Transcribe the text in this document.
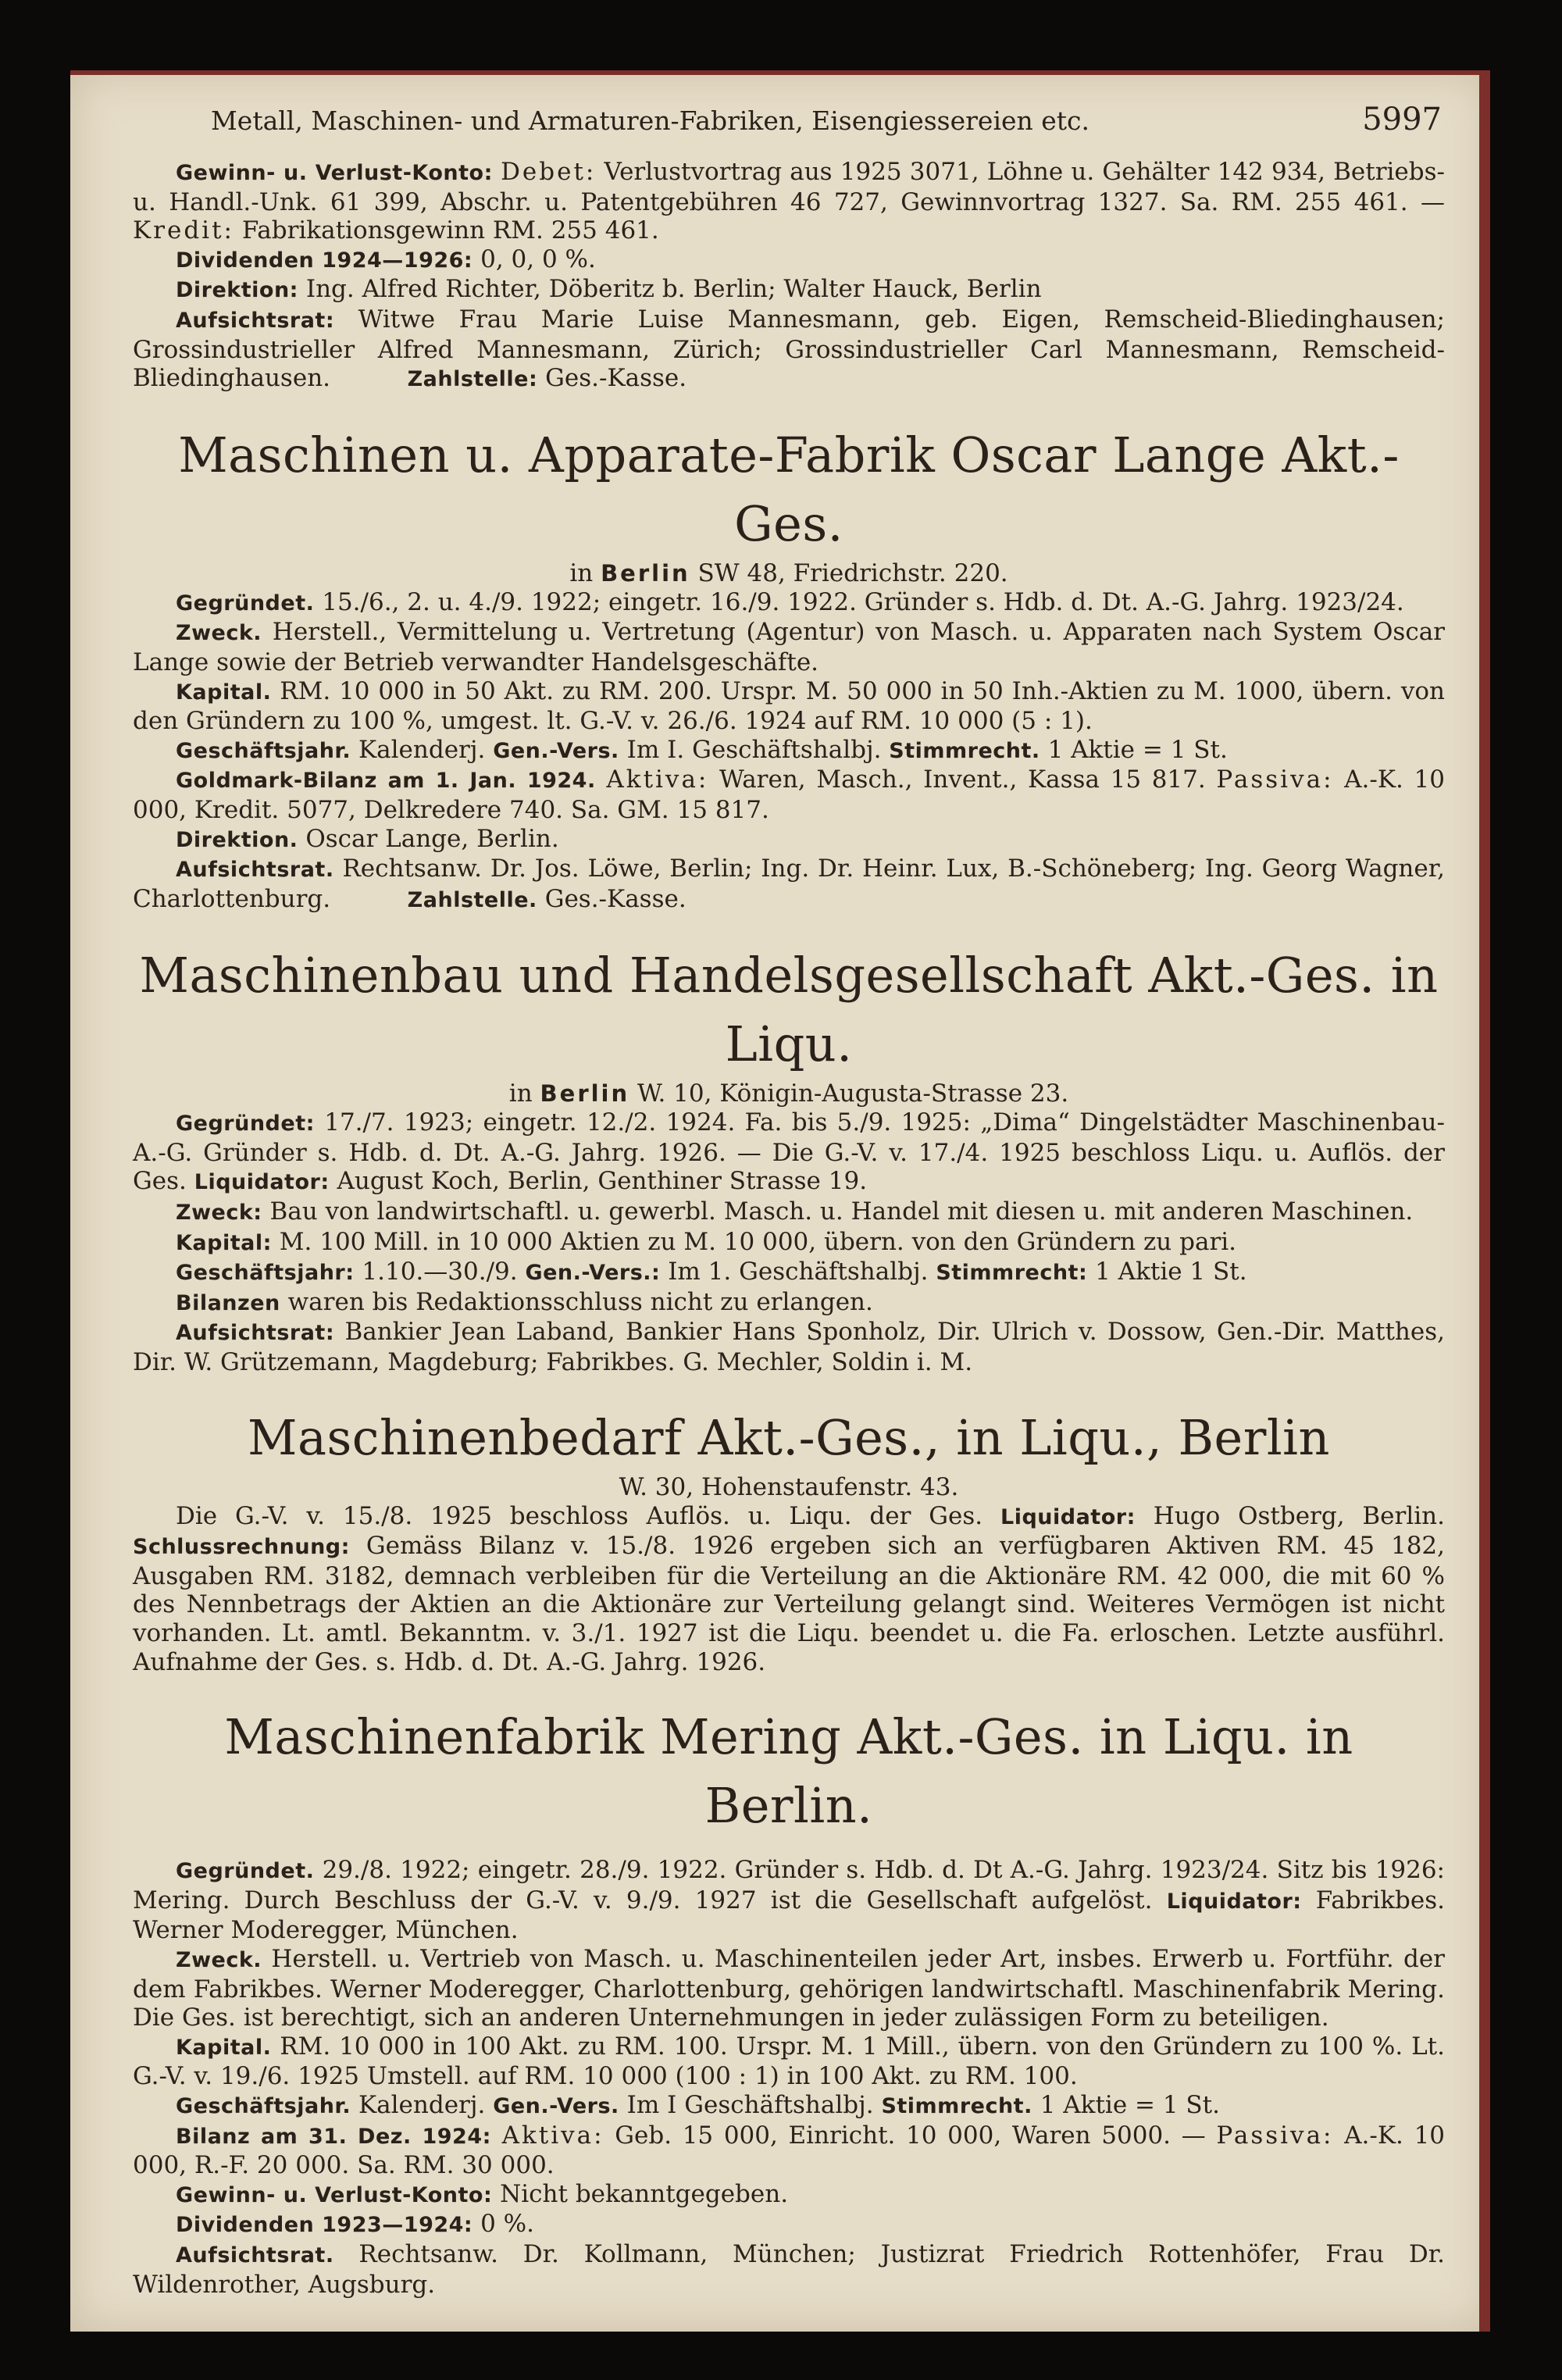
Metall, Maschinen- und Armaturen-Fabriken, Eisengiessereien etc.	5997

Gewinn- u. Verlust-Konto: Debet: Verlustvortrag aus 1925 3071, Löhne u. Gehälter 142 934, Betriebs- u. Handl.-Unk. 61 399, Abschr. u. Patentgebühren 46 727, Gewinnvortrag 1327. Sa. RM. 255 461. — Kredit: Fabrikationsgewinn RM. 255 461.

Dividenden 1924—1926: 0, 0, 0 %.

Direktion: Ing. Alfred Richter, Döberitz b. Berlin; Walter Hauck, Berlin

Aufsichtsrat: Witwe Frau Marie Luise Mannesmann, geb. Eigen, Remscheid-Bliedinghausen; Grossindustrieller Alfred Mannesmann, Zürich; Grossindustrieller Carl Mannesmann, Remscheid-Bliedinghausen.	Zahlstelle: Ges.-Kasse.

Maschinen u. Apparate-Fabrik Oscar Lange Akt.-Ges.
in Berlin SW 48, Friedrichstr. 220.

Gegründet. 15./6., 2. u. 4./9. 1922; eingetr. 16./9. 1922. Gründer s. Hdb. d. Dt. A.-G. Jahrg. 1923/24.

Zweck. Herstell., Vermittelung u. Vertretung (Agentur) von Masch. u. Apparaten nach System Oscar Lange sowie der Betrieb verwandter Handelsgeschäfte.

Kapital. RM. 10 000 in 50 Akt. zu RM. 200. Urspr. M. 50 000 in 50 Inh.-Aktien zu M. 1000, übern. von den Gründern zu 100 %, umgest. lt. G.-V. v. 26./6. 1924 auf RM. 10 000 (5 : 1).

Geschäftsjahr. Kalenderj. Gen.-Vers. Im I. Geschäftshalbj. Stimmrecht. 1 Aktie = 1 St.

Goldmark-Bilanz am 1. Jan. 1924. Aktiva: Waren, Masch., Invent., Kassa 15 817. Passiva: A.-K. 10 000, Kredit. 5077, Delkredere 740. Sa. GM. 15 817.

Direktion. Oscar Lange, Berlin.

Aufsichtsrat. Rechtsanw. Dr. Jos. Löwe, Berlin; Ing. Dr. Heinr. Lux, B.-Schöneberg; Ing. Georg Wagner, Charlottenburg.	Zahlstelle. Ges.-Kasse.

Maschinenbau und Handelsgesellschaft Akt.-Ges. in Liqu.
in Berlin W. 10, Königin-Augusta-Strasse 23.

Gegründet: 17./7. 1923; eingetr. 12./2. 1924. Fa. bis 5./9. 1925: „Dima“ Dingelstädter Maschinenbau-A.-G. Gründer s. Hdb. d. Dt. A.-G. Jahrg. 1926. — Die G.-V. v. 17./4. 1925 beschloss Liqu. u. Auflös. der Ges. Liquidator: August Koch, Berlin, Genthiner Strasse 19.

Zweck: Bau von landwirtschaftl. u. gewerbl. Masch. u. Handel mit diesen u. mit anderen Maschinen.

Kapital: M. 100 Mill. in 10 000 Aktien zu M. 10 000, übern. von den Gründern zu pari.

Geschäftsjahr: 1.10.—30./9. Gen.-Vers.: Im 1. Geschäftshalbj. Stimmrecht: 1 Aktie 1 St.

Bilanzen waren bis Redaktionsschluss nicht zu erlangen.

Aufsichtsrat: Bankier Jean Laband, Bankier Hans Sponholz, Dir. Ulrich v. Dossow, Gen.-Dir. Matthes, Dir. W. Grützemann, Magdeburg; Fabrikbes. G. Mechler, Soldin i. M.

Maschinenbedarf Akt.-Ges., in Liqu., Berlin
W. 30, Hohenstaufenstr. 43.

Die G.-V. v. 15./8. 1925 beschloss Auflös. u. Liqu. der Ges. Liquidator: Hugo Ostberg, Berlin. Schlussrechnung: Gemäss Bilanz v. 15./8. 1926 ergeben sich an verfügbaren Aktiven RM. 45 182, Ausgaben RM. 3182, demnach verbleiben für die Verteilung an die Aktionäre RM. 42 000, die mit 60 % des Nennbetrags der Aktien an die Aktionäre zur Verteilung gelangt sind. Weiteres Vermögen ist nicht vorhanden. Lt. amtl. Bekanntm. v. 3./1. 1927 ist die Liqu. beendet u. die Fa. erloschen. Letzte ausführl. Aufnahme der Ges. s. Hdb. d. Dt. A.-G. Jahrg. 1926.

Maschinenfabrik Mering Akt.-Ges. in Liqu. in Berlin.

Gegründet. 29./8. 1922; eingetr. 28./9. 1922. Gründer s. Hdb. d. Dt A.-G. Jahrg. 1923/24. Sitz bis 1926: Mering. Durch Beschluss der G.-V. v. 9./9. 1927 ist die Gesellschaft aufgelöst. Liquidator: Fabrikbes. Werner Moderegger, München.

Zweck. Herstell. u. Vertrieb von Masch. u. Maschinenteilen jeder Art, insbes. Erwerb u. Fortführ. der dem Fabrikbes. Werner Moderegger, Charlottenburg, gehörigen landwirtschaftl. Maschinenfabrik Mering. Die Ges. ist berechtigt, sich an anderen Unternehmungen in jeder zulässigen Form zu beteiligen.

Kapital. RM. 10 000 in 100 Akt. zu RM. 100. Urspr. M. 1 Mill., übern. von den Gründern zu 100 %. Lt. G.-V. v. 19./6. 1925 Umstell. auf RM. 10 000 (100 : 1) in 100 Akt. zu RM. 100.

Geschäftsjahr. Kalenderj. Gen.-Vers. Im I Geschäftshalbj. Stimmrecht. 1 Aktie = 1 St.

Bilanz am 31. Dez. 1924: Aktiva: Geb. 15 000, Einricht. 10 000, Waren 5000. — Passiva: A.-K. 10 000, R.-F. 20 000. Sa. RM. 30 000.

Gewinn- u. Verlust-Konto: Nicht bekanntgegeben.

Dividenden 1923—1924: 0 %.

Aufsichtsrat. Rechtsanw. Dr. Kollmann, München; Justizrat Friedrich Rottenhöfer, Frau Dr. Wildenrother, Augsburg.
